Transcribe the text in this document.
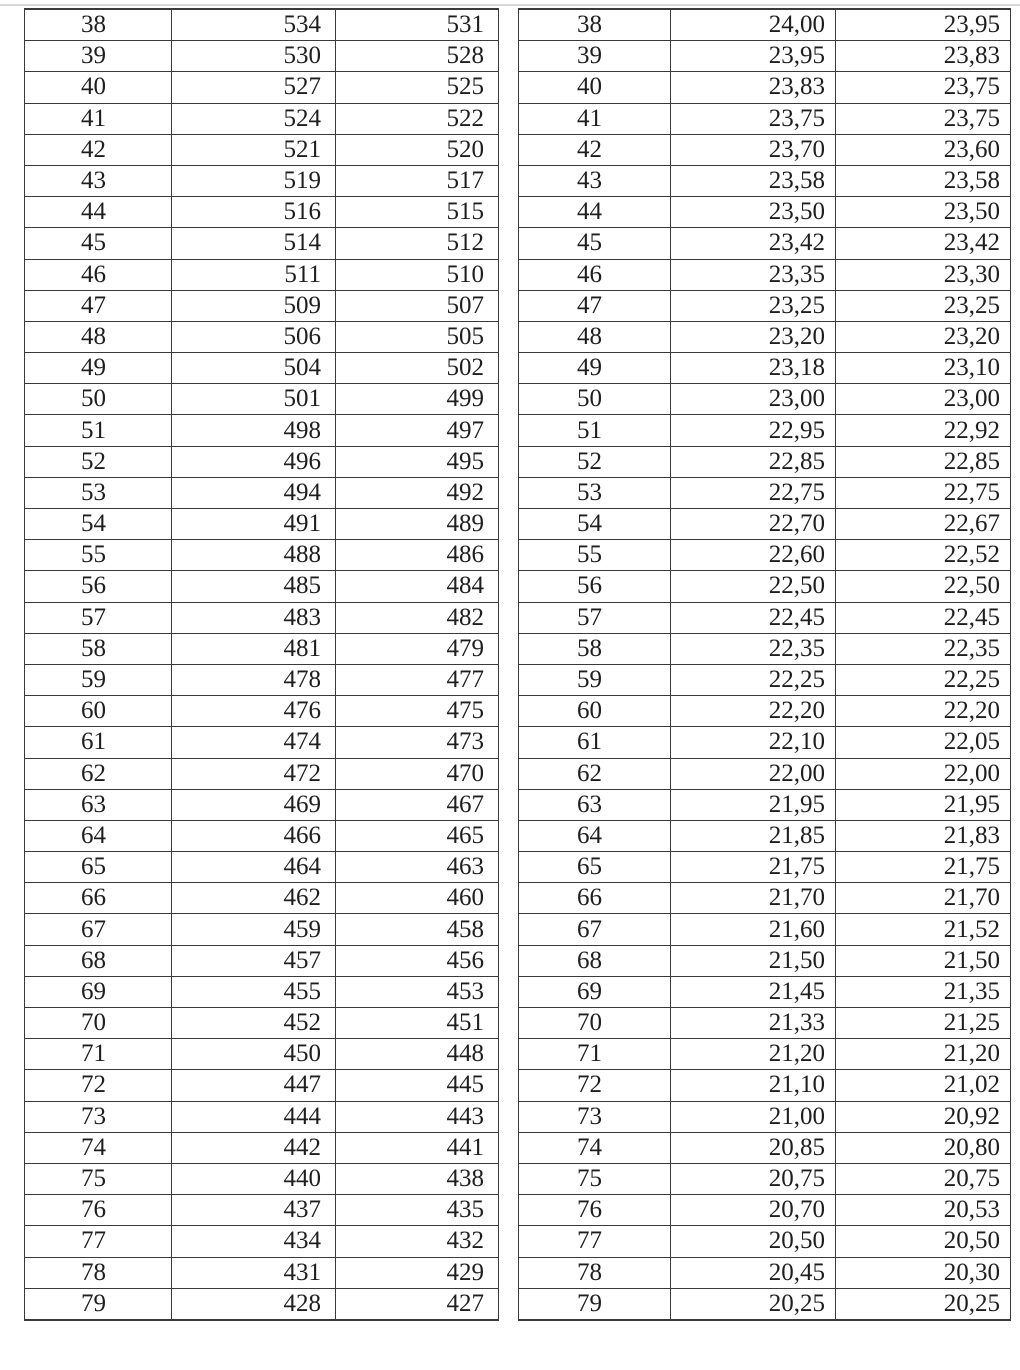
38	534	531
39	530	528
40	527	525
41	524	522
42	521	520
43	519	517
44	516	515
45	514	512
46	511	510
47	509	507
48	506	505
49	504	502
50	501	499
51	498	497
52	496	495
53	494	492
54	491	489
55	488	486
56	485	484
57	483	482
58	481	479
59	478	477
60	476	475
61	474	473
62	472	470
63	469	467
64	466	465
65	464	463
66	462	460
67	459	458
68	457	456
69	455	453
70	452	451
71	450	448
72	447	445
73	444	443
74	442	441
75	440	438
76	437	435
77	434	432
78	431	429
79	428	427
38	24,00	23,95
39	23,95	23,83
40	23,83	23,75
41	23,75	23,75
42	23,70	23,60
43	23,58	23,58
44	23,50	23,50
45	23,42	23,42
46	23,35	23,30
47	23,25	23,25
48	23,20	23,20
49	23,18	23,10
50	23,00	23,00
51	22,95	22,92
52	22,85	22,85
53	22,75	22,75
54	22,70	22,67
55	22,60	22,52
56	22,50	22,50
57	22,45	22,45
58	22,35	22,35
59	22,25	22,25
60	22,20	22,20
61	22,10	22,05
62	22,00	22,00
63	21,95	21,95
64	21,85	21,83
65	21,75	21,75
66	21,70	21,70
67	21,60	21,52
68	21,50	21,50
69	21,45	21,35
70	21,33	21,25
71	21,20	21,20
72	21,10	21,02
73	21,00	20,92
74	20,85	20,80
75	20,75	20,75
76	20,70	20,53
77	20,50	20,50
78	20,45	20,30
79	20,25	20,25
